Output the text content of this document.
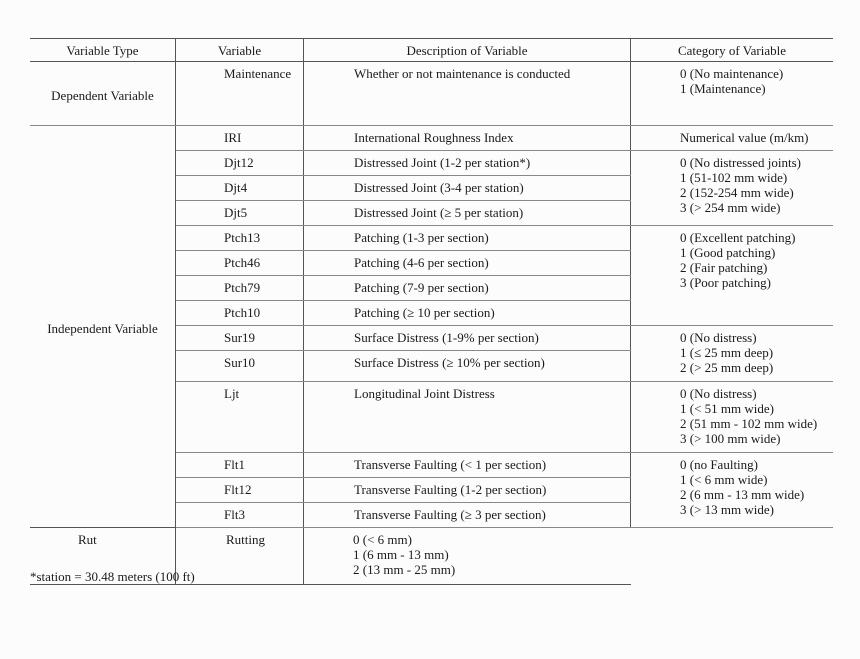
Variable Type	Variable	Description of Variable	Category of Variable
Dependent Variable	Maintenance	Whether or not maintenance is conducted	0 (No maintenance)
1 (Maintenance)

Independent Variable	IRI	International Roughness Index	Numerical value (m/km)

	Djt12	Distressed Joint (1-2 per station*)	0 (No distressed joints)
1 (51-102 mm wide)
2 (152-254 mm wide)
3 (> 254 mm wide)

	Djt4	Distressed Joint (3-4 per station)	
	Djt5	Distressed Joint (≥ 5 per station)	
	Ptch13	Patching (1-3 per section)	0 (Excellent patching)
1 (Good patching)
2 (Fair patching)
3 (Poor patching)

	Ptch46	Patching (4-6 per section)	
	Ptch79	Patching (7-9 per section)	
	Ptch10	Patching (≥ 10 per section)	
	Sur19	Surface Distress (1-9% per section)	0 (No distress)
1 (≤ 25 mm deep)
2 (> 25 mm deep)

	Sur10	Surface Distress (≥ 10% per section)	
	Ljt	Longitudinal Joint Distress	0 (No distress)
1 (< 51 mm wide)
2 (51 mm - 102 mm wide)
3 (> 100 mm wide)

	Flt1	Transverse Faulting (< 1 per section)	0 (no Faulting)
1 (< 6 mm wide)
2 (6 mm - 13 mm wide)
3 (> 13 mm wide)

	Flt12	Transverse Faulting (1-2 per section)	
	Flt3	Transverse Faulting (≥ 3 per section)	
Rut	Rutting	0 (< 6 mm)
1 (6 mm - 13 mm)
2 (13 mm - 25 mm)	
*station = 30.48 meters (100 ft)
